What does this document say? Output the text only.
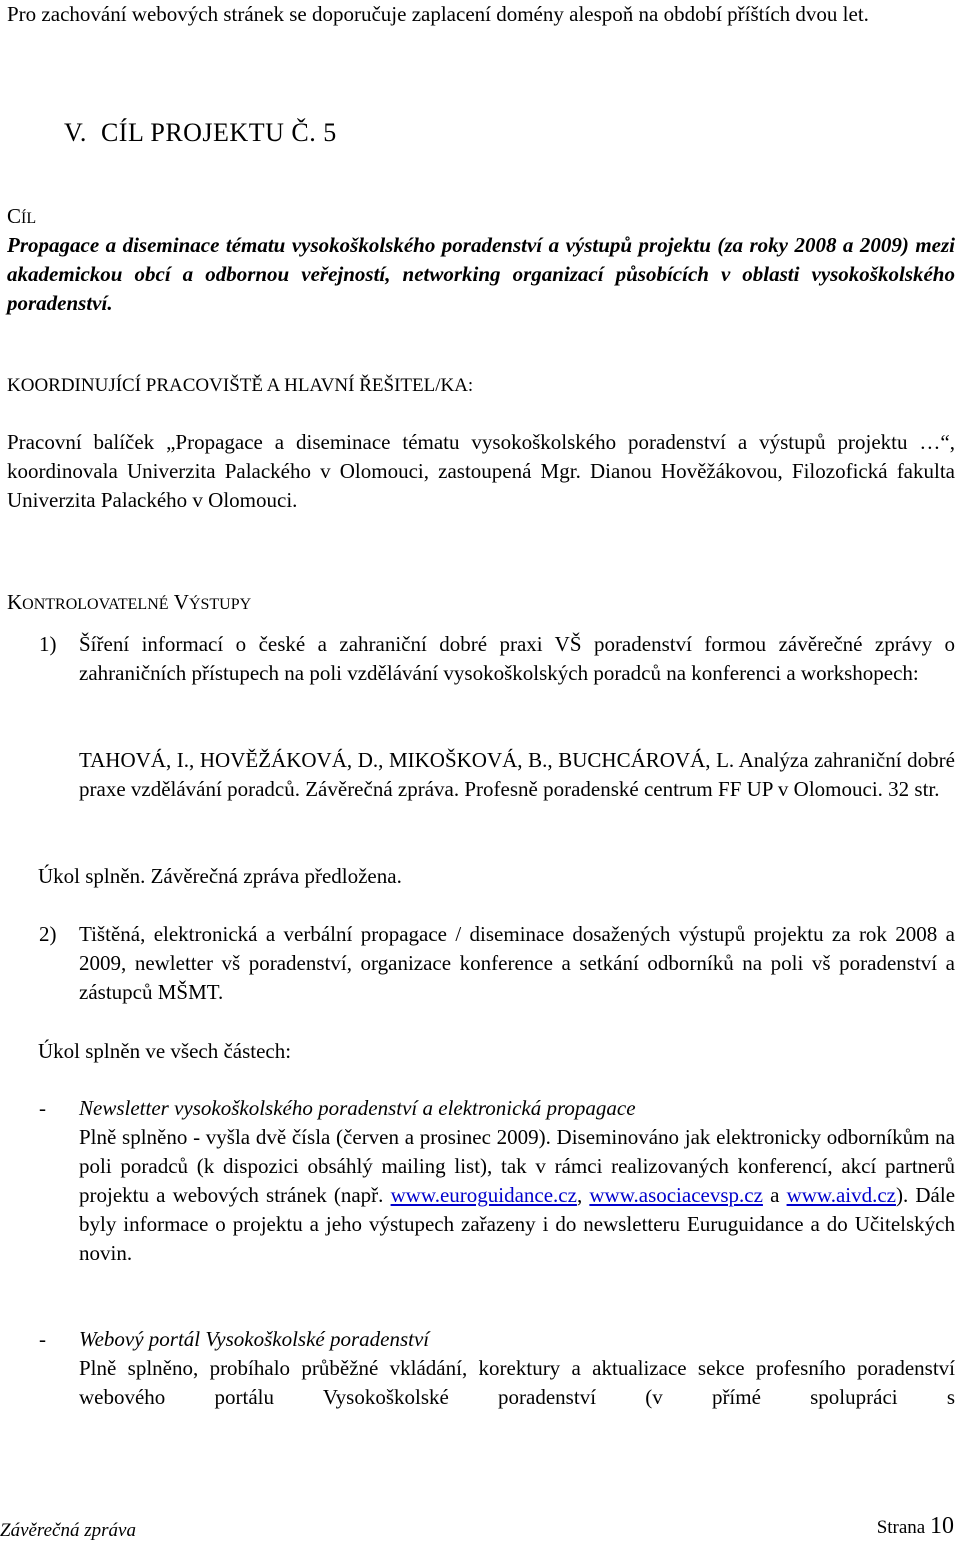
Pro zachování webových stránek se doporučuje zaplacení domény alespoň na období příštích dvou let.

V. CÍL PROJEKTU Č. 5
CÍL

Propagace a diseminace tématu vysokoškolského poradenství a výstupů projektu (za roky 2008 a 2009) mezi akademickou obcí a odbornou veřejností, networking organizací působících v oblasti vysokoškolského poradenství.

KOORDINUJÍCÍ PRACOVIŠTĚ A HLAVNÍ ŘEŠITEL/KA:

Pracovní balíček „Propagace a diseminace tématu vysokoškolského poradenství a výstupů projektu …“, koordinovala Univerzita Palackého v Olomouci, zastoupená Mgr. Dianou Hověžákovou, Filozofická fakulta Univerzita Palackého v Olomouci.

KONTROLOVATELNÉ VÝSTUPY
1) Šíření informací o české a zahraniční dobré praxi VŠ poradenství formou závěrečné zprávy o zahraničních přístupech na poli vzdělávání vysokoškolských poradců na konferenci a workshopech:

TAHOVÁ, I., HOVĚŽÁKOVÁ, D., MIKOŠKOVÁ, B., BUCHCÁROVÁ, L. Analýza zahraniční dobré praxe vzdělávání poradců. Závěrečná zpráva. Profesně poradenské centrum FF UP v Olomouci. 32 str.

Úkol splněn. Závěrečná zpráva předložena.

2) Tištěná, elektronická a verbální propagace / diseminace dosažených výstupů projektu za rok 2008 a 2009, newletter vš poradenství, organizace konference a setkání odborníků na poli vš poradenství a zástupců MŠMT.

Úkol splněn ve všech částech:

- Newsletter vysokoškolského poradenství a elektronická propagace

Plně splněno - vyšla dvě čísla (červen a prosinec 2009). Diseminováno jak elektronicky odborníkům na poli poradců (k dispozici obsáhlý mailing list), tak v rámci realizovaných konferencí, akcí partnerů projektu a webových stránek (např. www.euroguidance.cz, www.asociacevsp.cz a www.aivd.cz). Dále byly informace o projektu a jeho výstupech zařazeny i do newsletteru Euruguidance a do Učitelských novin.

- Webový portál Vysokoškolské poradenství

Plně splněno, probíhalo průběžné vkládání, korektury a aktualizace sekce profesního poradenství webového portálu Vysokoškolské poradenství (v přímé spolupráci s

Závěrečná zpráva	Strana 10
